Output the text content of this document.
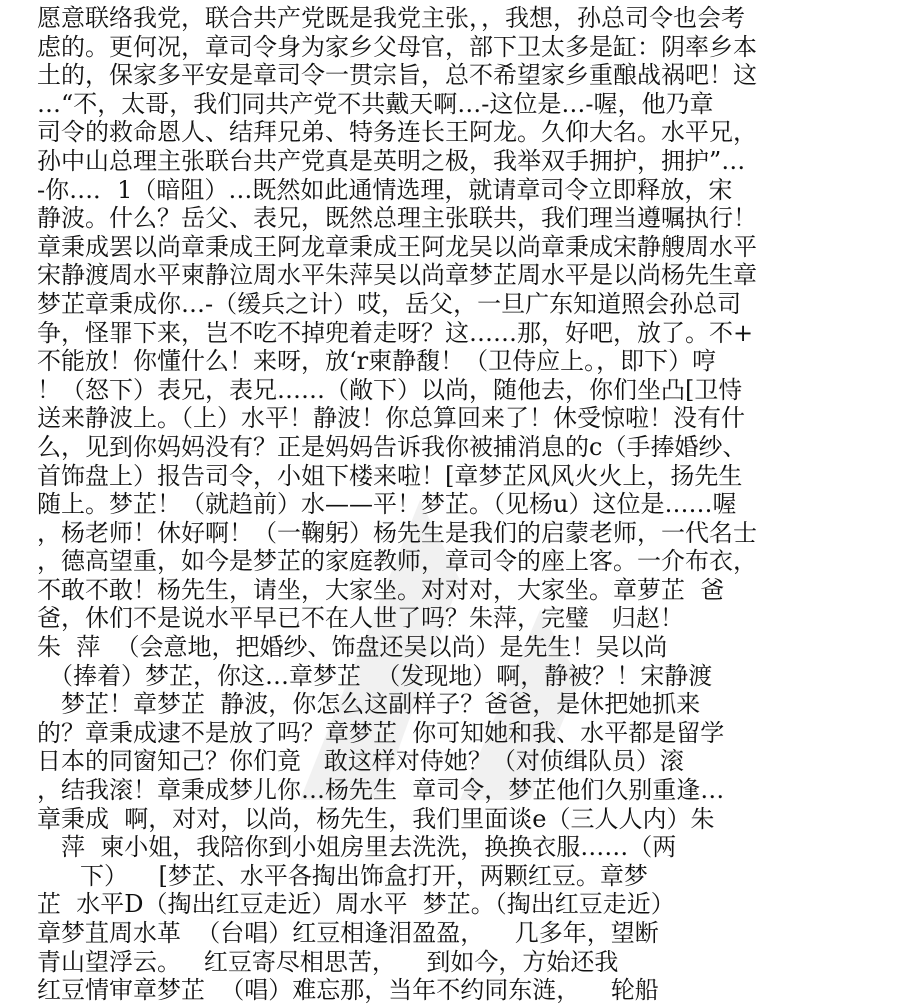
愿意联络我党，联合共产党既是我党主张，，我想，孙总司令也会考
虑的。更何况，章司令身为家乡父母官，部下卫太多是缸：阴率乡本
土的，保家多平安是章司令一贯宗旨，总不希望家乡重酿战祸吧！这
…“不，太哥，我们同共产党不共戴天啊…-这位是…-喔，他乃章
司令的救命恩人、结拜兄弟、特务连长王阿龙。久仰大名。水平兄，
孙中山总理主张联台共产党真是英明之极，我举双手拥护，拥护”…
-你…．1（暗阻）…既然如此通情选理，就请章司令立即释放，宋
静波。什么？岳父、表兄，既然总理主张联共，我们理当遵嘱执行！
章秉成罢以尚章秉成王阿龙章秉成王阿龙吴以尚章秉成宋静艘周水平
宋静渡周水平柬静泣周水平朱萍吴以尚章梦芷周水平是以尚杨先生章
梦芷章秉成你…-（缓兵之计）哎，岳父，一旦广东知道照会孙总司
争，怪罪下来，岂不吃不掉兜着走呀？这……那，好吧，放了。不+
不能放！你懂什么！来呀，放‘r柬静馥！（卫侍应上。，即下）哼
！（怒下）表兄，表兄……（敞下）以尚，随他去，你们坐凸[卫恃
送来静波上。（上）水平！静波！你总算回来了！休受惊啦！没有什
么，见到你妈妈没有？正是妈妈告诉我你被捕消息的c（手捧婚纱、
首饰盘上）报告司令，小姐下楼来啦！[章梦芷风风火火上，扬先生
随上。梦芷！（就趋前）水——平！梦芷。（见杨u）这位是……喔
，杨老师！休好啊！（一鞠躬）杨先生是我们的启蒙老师，一代名士
，德高望重，如今是梦芷的家庭教师，章司令的座上客。一介布衣，
不敢不敢！杨先生，请坐，大家坐。对对对，大家坐。章萝芷  爸
爸，休们不是说水平早已不在人世了吗？朱萍，完璧   归赵！
朱  萍  （会意地，把婚纱、饰盘还吴以尚）是先生！吴以尚
（捧着）梦芷，你这…章梦芷  （发现地）啊，静被？！宋静渡
梦芷！章梦芷  静波，你怎么这副样子？爸爸，是休把她抓来
的？章秉成逮不是放了吗？章梦芷  你可知她和我、水平都是留学
日本的同窗知己？你们竟   敢这样对侍她？（对侦缉队员）滚
，结我滚！章秉成梦儿你…杨先生  章司令，梦芷他们久别重逢…
章秉成  啊，对对，以尚，杨先生，我们里面谈e（三人人内）朱
萍  柬小姐，我陪你到小姐房里去洗洗，换换衣服……（两
下）    [梦芷、水平各掏出饰盒打开，两颗红豆。章梦
芷  水平D（掏出红豆走近）周水平  梦芷。（掏出红豆走近）
章梦苴周水革  （台唱）红豆相逢泪盈盈，    几多年，望断
青山望浮云。   红豆寄尽相思苦，    到如今，方始还我
红豆情审章梦芷  （唱）难忘那，当年不约同东涟，    轮船
